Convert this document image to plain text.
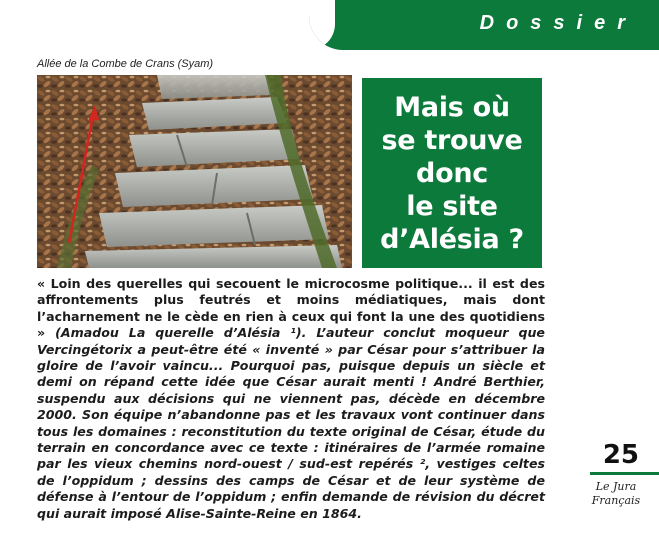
Dossier
Allée de la Combe de Crans (Syam)
Mais où
se trouve
donc
le site
d’Alésia ?
« Loin des querelles qui secouent le microcosme politique... il est des affrontements plus feutrés et moins médiatiques, mais dont l’acharnement ne le cède en rien à ceux qui font la une des quotidiens » (Amadou La querelle d’Alésia ¹). L’auteur conclut moqueur que Vercingétorix a peut-être été « inventé » par César pour s’attribuer la gloire de l’avoir vaincu... Pourquoi pas, puisque depuis un siècle et demi on répand cette idée que César aurait menti ! André Berthier, suspendu aux décisions qui ne viennent pas, décède en décembre 2000. Son équipe n’abandonne pas et les travaux vont continuer dans tous les domaines : reconstitution du texte original de César, étude du terrain en concordance avec ce texte : itinéraires de l’armée romaine par les vieux chemins nord-ouest / sud-est repérés ², vestiges celtes de l’oppidum ; dessins des camps de César et de leur système de défense à l’entour de l’oppidum ; enfin demande de révision du décret qui aurait imposé Alise-Sainte-Reine en 1864.
25
Le Jura
Français
